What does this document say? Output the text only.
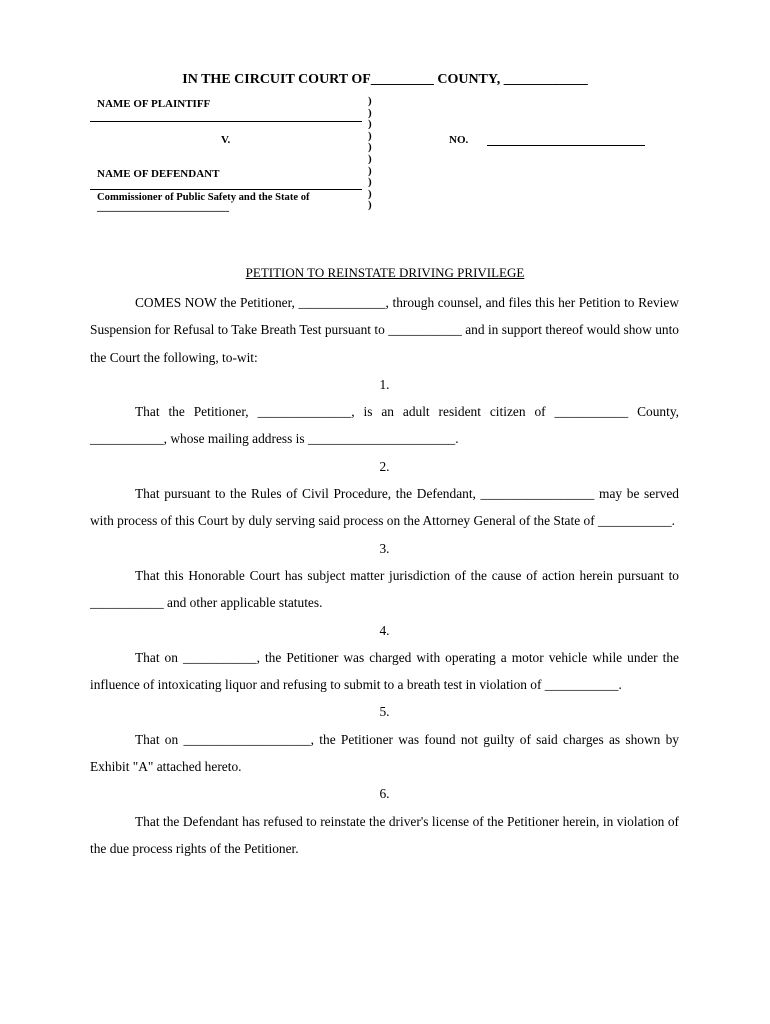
IN THE CIRCUIT COURT OF_________ COUNTY, ____________
NAME OF PLAINTIFF
V.
NAME OF DEFENDANT
Commissioner of Public Safety and the State of
________________________
)
)
)
)
)
)
)
)
)
)
NO.
PETITION TO REINSTATE DRIVING PRIVILEGE

COMES NOW the Petitioner, _____________, through counsel, and files this her Petition to Review Suspension for Refusal to Take Breath Test pursuant to ___________ and in support thereof would show unto the Court the following, to-wit:

1.

That the Petitioner, ______________, is an adult resident citizen of ___________ County, ___________, whose mailing address is ______________________.

2.

That pursuant to the Rules of Civil Procedure, the Defendant, _________________ may be served with process of this Court by duly serving said process on the Attorney General of the State of ___________.

3.

That this Honorable Court has subject matter jurisdiction of the cause of action herein pursuant to ___________ and other applicable statutes.

4.

That on ___________, the Petitioner was charged with operating a motor vehicle while under the influence of intoxicating liquor and refusing to submit to a breath test in violation of ___________.

5.

That on ___________________, the Petitioner was found not guilty of said charges as shown by Exhibit "A" attached hereto.

6.

That the Defendant has refused to reinstate the driver's license of the Petitioner herein, in violation of the due process rights of the Petitioner.
